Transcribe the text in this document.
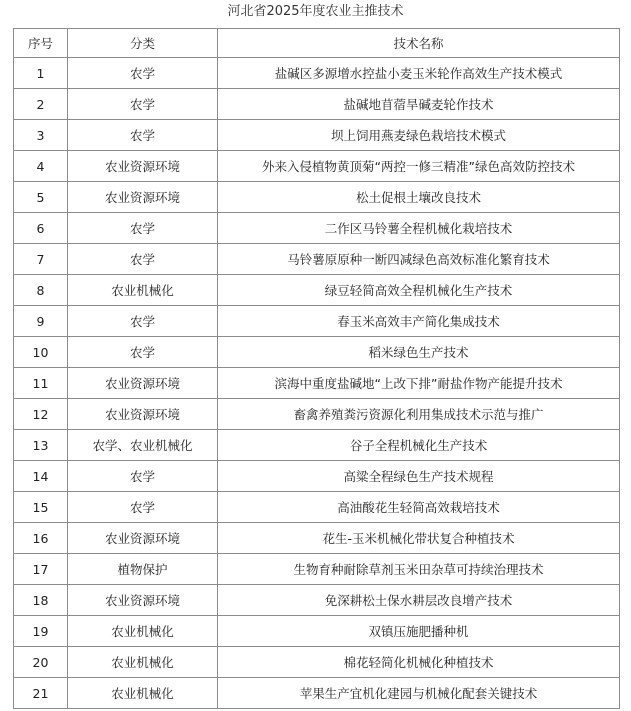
河北省2025年度农业主推技术
序号	分类	技术名称
1	农学	盐碱区多源增水控盐小麦玉米轮作高效生产技术模式
2	农学	盐碱地苜蓿旱碱麦轮作技术
3	农学	坝上饲用燕麦绿色栽培技术模式
4	农业资源环境	外来入侵植物黄顶菊“两控一修三精准”绿色高效防控技术
5	农业资源环境	松土促根土壤改良技术
6	农学	二作区马铃薯全程机械化栽培技术
7	农学	马铃薯原原种一断四减绿色高效标准化繁育技术
8	农业机械化	绿豆轻简高效全程机械化生产技术
9	农学	春玉米高效丰产简化集成技术
10	农学	稻米绿色生产技术
11	农业资源环境	滨海中重度盐碱地“上改下排”耐盐作物产能提升技术
12	农业资源环境	畜禽养殖粪污资源化利用集成技术示范与推广
13	农学、农业机械化	谷子全程机械化生产技术
14	农学	高粱全程绿色生产技术规程
15	农学	高油酸花生轻简高效栽培技术
16	农业资源环境	花生-玉米机械化带状复合种植技术
17	植物保护	生物育种耐除草剂玉米田杂草可持续治理技术
18	农业资源环境	免深耕松土保水耕层改良增产技术
19	农业机械化	双镇压施肥播种机
20	农业机械化	棉花轻简化机械化种植技术
21	农业机械化	苹果生产宜机化建园与机械化配套关键技术
